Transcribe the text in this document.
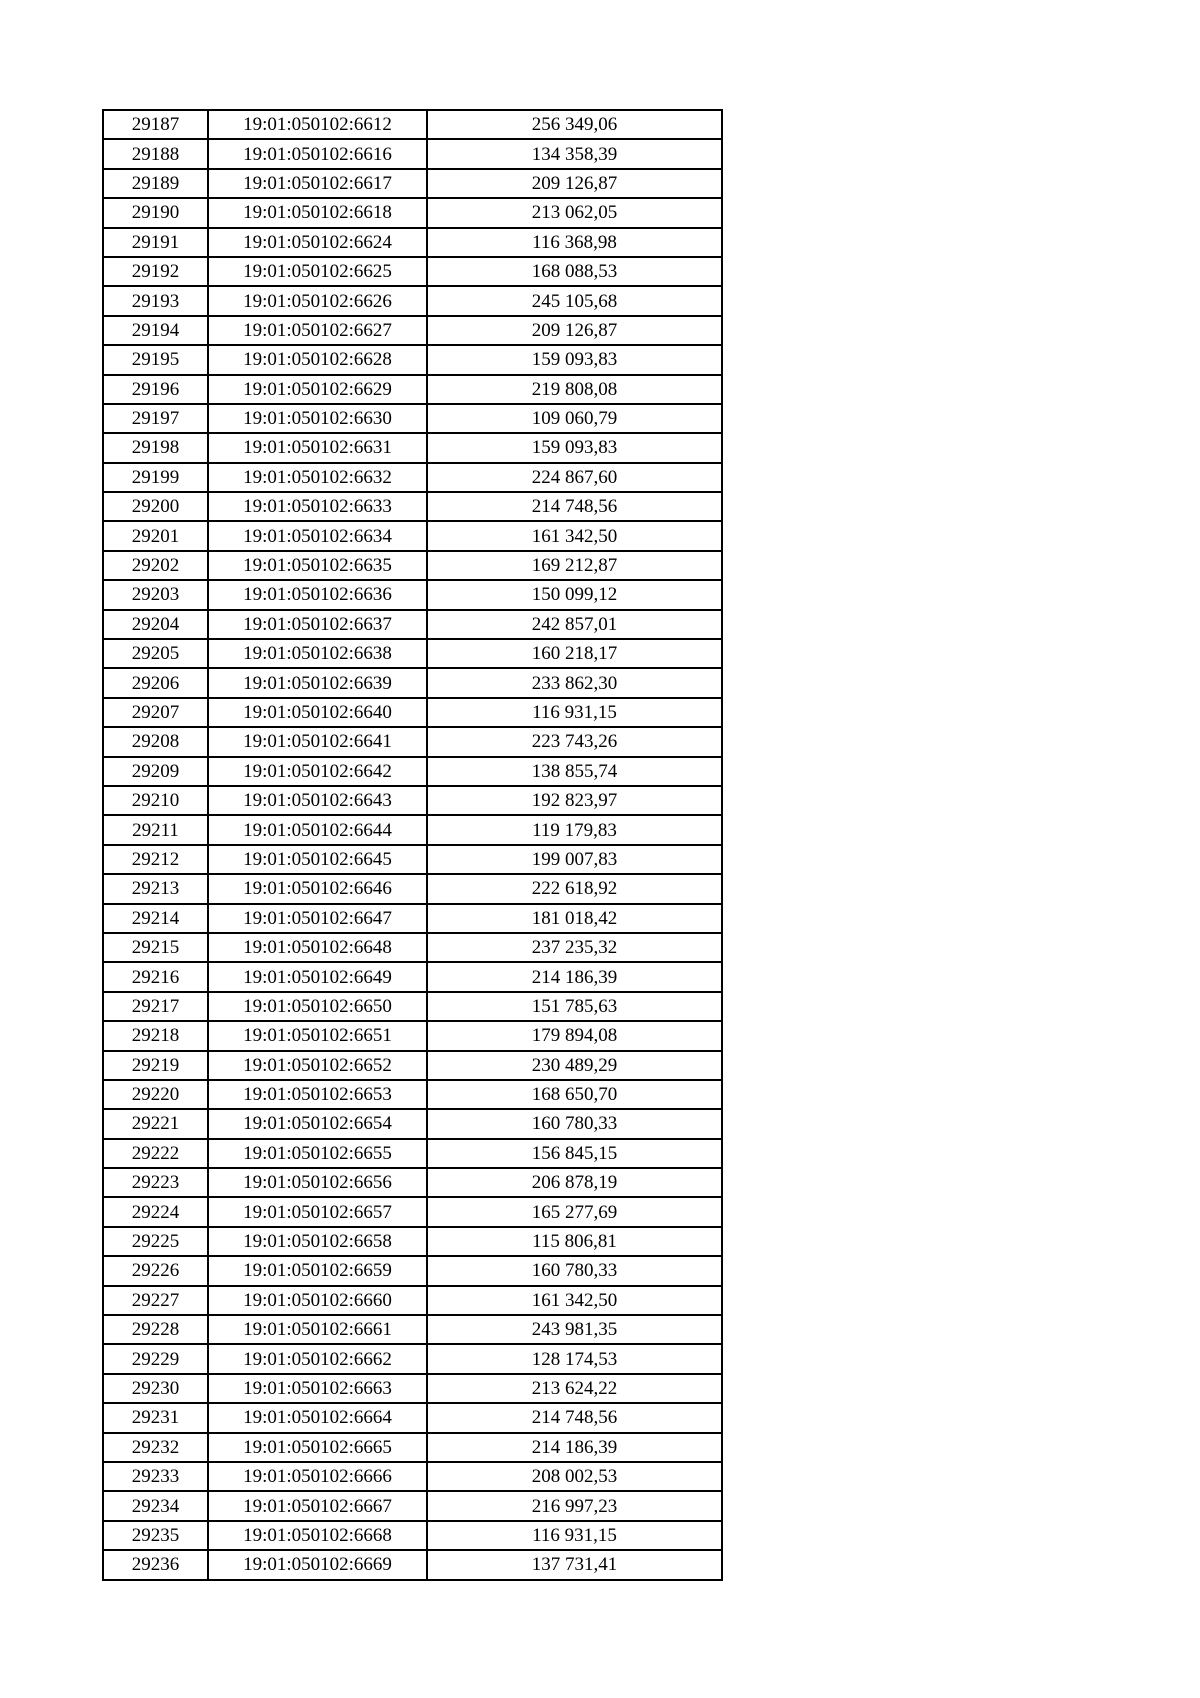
29187	19:01:050102:6612	256 349,06
29188	19:01:050102:6616	134 358,39
29189	19:01:050102:6617	209 126,87
29190	19:01:050102:6618	213 062,05
29191	19:01:050102:6624	116 368,98
29192	19:01:050102:6625	168 088,53
29193	19:01:050102:6626	245 105,68
29194	19:01:050102:6627	209 126,87
29195	19:01:050102:6628	159 093,83
29196	19:01:050102:6629	219 808,08
29197	19:01:050102:6630	109 060,79
29198	19:01:050102:6631	159 093,83
29199	19:01:050102:6632	224 867,60
29200	19:01:050102:6633	214 748,56
29201	19:01:050102:6634	161 342,50
29202	19:01:050102:6635	169 212,87
29203	19:01:050102:6636	150 099,12
29204	19:01:050102:6637	242 857,01
29205	19:01:050102:6638	160 218,17
29206	19:01:050102:6639	233 862,30
29207	19:01:050102:6640	116 931,15
29208	19:01:050102:6641	223 743,26
29209	19:01:050102:6642	138 855,74
29210	19:01:050102:6643	192 823,97
29211	19:01:050102:6644	119 179,83
29212	19:01:050102:6645	199 007,83
29213	19:01:050102:6646	222 618,92
29214	19:01:050102:6647	181 018,42
29215	19:01:050102:6648	237 235,32
29216	19:01:050102:6649	214 186,39
29217	19:01:050102:6650	151 785,63
29218	19:01:050102:6651	179 894,08
29219	19:01:050102:6652	230 489,29
29220	19:01:050102:6653	168 650,70
29221	19:01:050102:6654	160 780,33
29222	19:01:050102:6655	156 845,15
29223	19:01:050102:6656	206 878,19
29224	19:01:050102:6657	165 277,69
29225	19:01:050102:6658	115 806,81
29226	19:01:050102:6659	160 780,33
29227	19:01:050102:6660	161 342,50
29228	19:01:050102:6661	243 981,35
29229	19:01:050102:6662	128 174,53
29230	19:01:050102:6663	213 624,22
29231	19:01:050102:6664	214 748,56
29232	19:01:050102:6665	214 186,39
29233	19:01:050102:6666	208 002,53
29234	19:01:050102:6667	216 997,23
29235	19:01:050102:6668	116 931,15
29236	19:01:050102:6669	137 731,41
